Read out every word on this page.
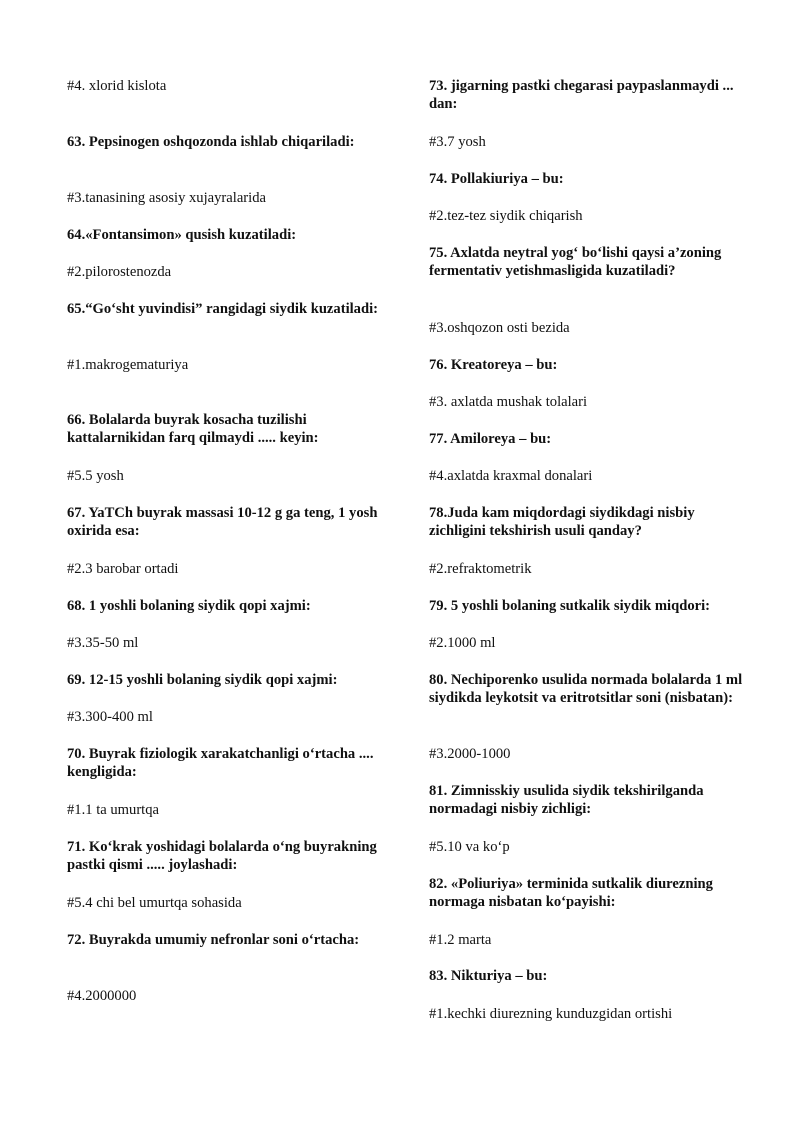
#4. xlorid kislota

63. Pepsinogen oshqozonda ishlab chiqariladi:

#3.tanasining asosiy xujayralarida

64.«Fontansimon» qusish kuzatiladi:

#2.pilorostenozda

65.“Go‘sht yuvindisi” rangidagi siydik kuzatiladi:

#1.makrogematuriya

66. Bolalarda buyrak kosacha tuzilishi kattalarnikidan farq qilmaydi ..... keyin:

#5.5 yosh

67. YaTCh buyrak massasi 10-12 g ga teng, 1 yosh oxirida esa:

#2.3 barobar ortadi

68. 1 yoshli bolaning siydik qopi xajmi:

#3.35-50 ml

69. 12-15 yoshli bolaning siydik qopi xajmi:

#3.300-400 ml

70. Buyrak fiziologik xarakatchanligi o‘rtacha .... kengligida:

#1.1 ta umurtqa

71. Ko‘krak yoshidagi bolalarda o‘ng buyrakning pastki qismi ..... joylashadi:

#5.4 chi bel umurtqa sohasida

72. Buyrakda umumiy nefronlar soni o‘rtacha:

#4.2000000

73. jigarning pastki chegarasi paypaslanmaydi ... dan:

#3.7 yosh

74. Pollakiuriya – bu:

#2.tez-tez siydik chiqarish

75. Axlatda neytral yog‘ bo‘lishi qaysi a’zoning fermentativ yetishmasligida kuzatiladi?

#3.oshqozon osti bezida

76. Kreatoreya – bu:

#3. axlatda mushak tolalari

77. Amiloreya – bu:

#4.axlatda kraxmal donalari

78.Juda kam miqdordagi siydikdagi nisbiy zichligini tekshirish usuli qanday?

#2.refraktometrik

79. 5 yoshli bolaning sutkalik siydik miqdori:

#2.1000 ml

80. Nechiporenko usulida normada bolalarda 1 ml siydikda leykotsit va eritrotsitlar soni (nisbatan):

#3.2000-1000

81. Zimnisskiy usulida siydik tekshirilganda normadagi nisbiy zichligi:

#5.10 va ko‘p

82. «Poliuriya» terminida sutkalik diurezning normaga nisbatan ko‘payishi:

#1.2 marta

83. Nikturiya – bu:

#1.kechki diurezning kunduzgidan ortishi
